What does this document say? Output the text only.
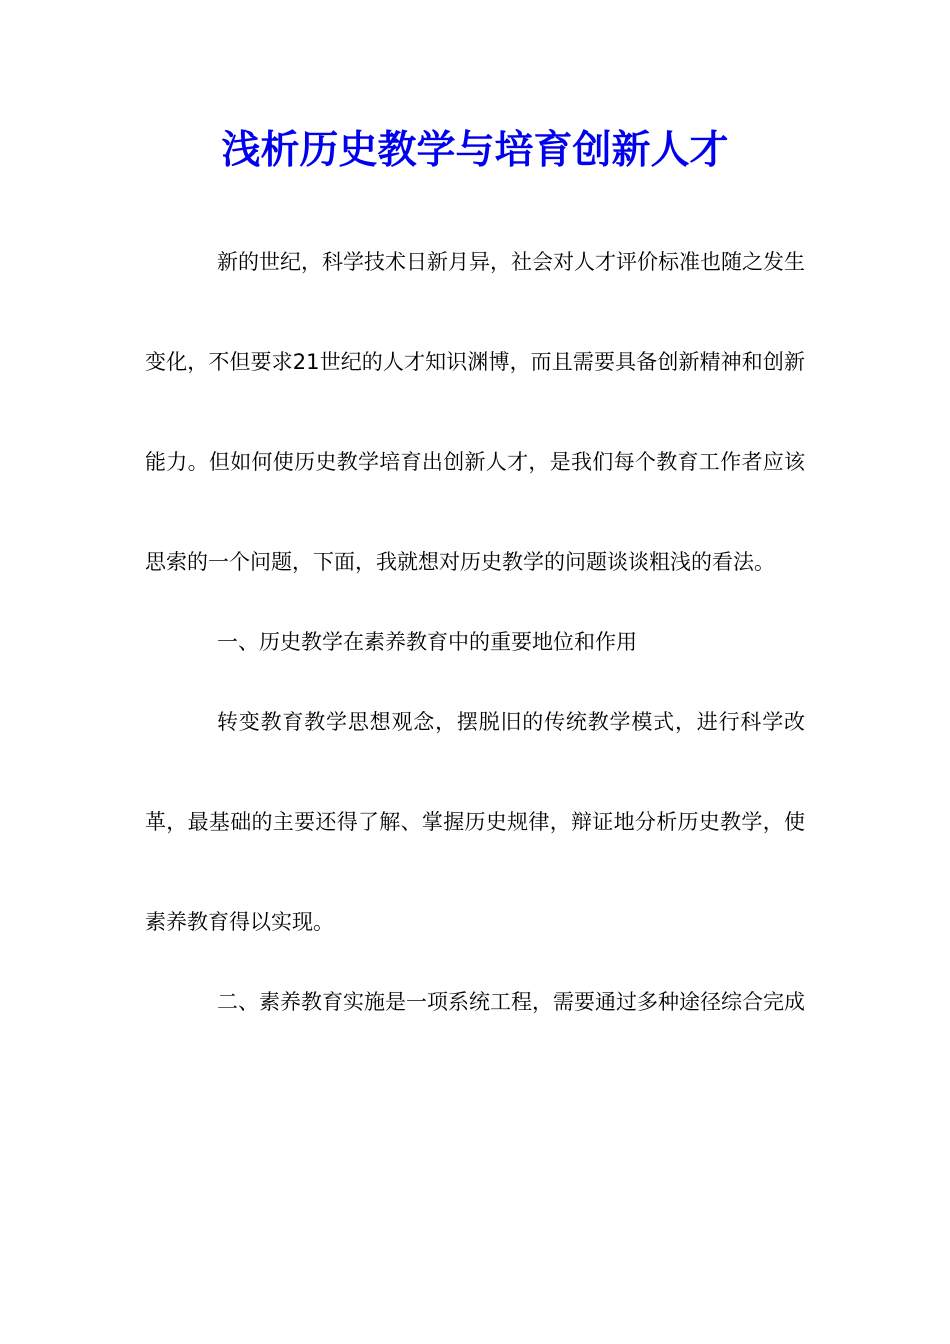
浅析历史教学与培育创新人才

新的世纪，科学技术日新月异，社会对人才评价标准也随之发生变化，不但要求21世纪的人才知识渊博，而且需要具备创新精神和创新能力。但如何使历史教学培育出创新人才，是我们每个教育工作者应该思索的一个问题，下面，我就想对历史教学的问题谈谈粗浅的看法。

一、历史教学在素养教育中的重要地位和作用

转变教育教学思想观念，摆脱旧的传统教学模式，进行科学改革，最基础的主要还得了解、掌握历史规律，辩证地分析历史教学，使素养教育得以实现。

二、素养教育实施是一项系统工程，需要通过多种途径综合完成
